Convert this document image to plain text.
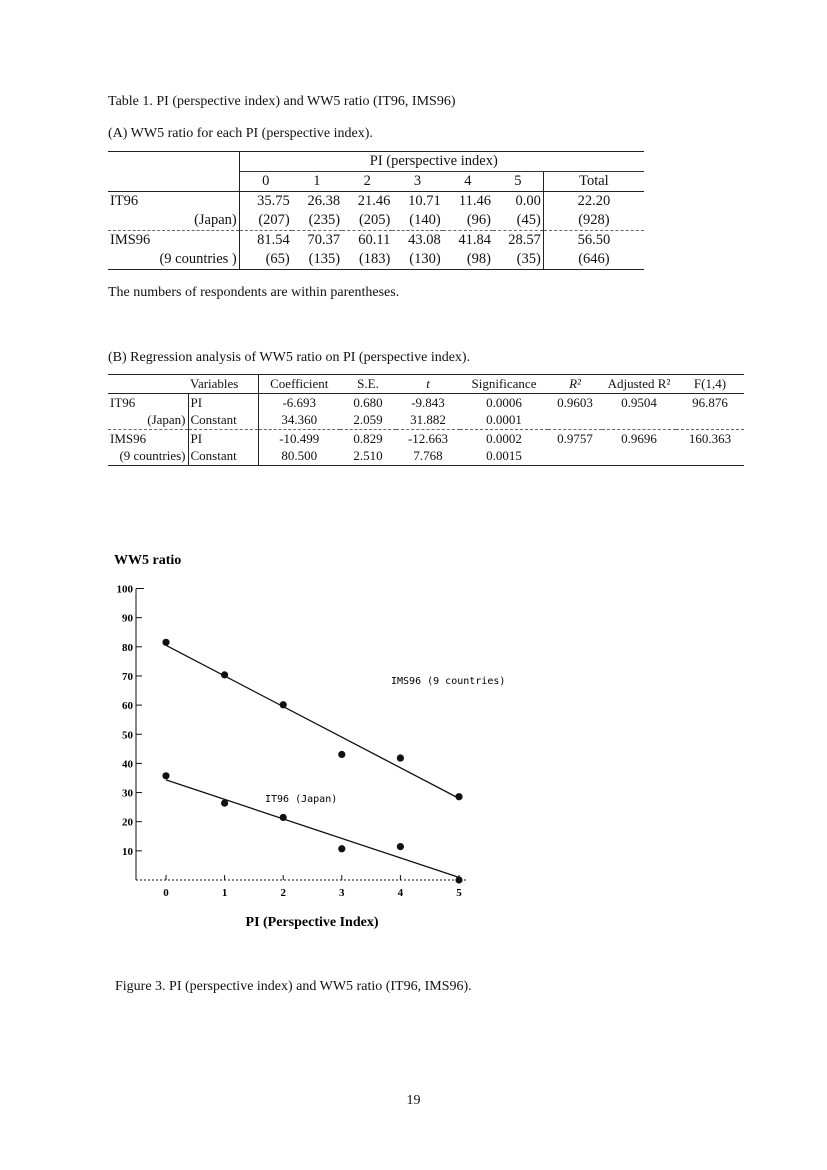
Table 1. PI (perspective index) and WW5 ratio (IT96, IMS96)
(A) WW5 ratio for each PI (perspective index).
	PI (perspective index)						
	0	1	2	3	4	5	Total
IT96	35.75	26.38	21.46	10.71	11.46	0.00	22.20
(Japan)	(207)	(235)	(205)	(140)	(96)	(45)	(928)
IMS96	81.54	70.37	60.11	43.08	41.84	28.57	56.50
(9 countries )	(65)	(135)	(183)	(130)	(98)	(35)	(646)
The numbers of respondents are within parentheses.
(B) Regression analysis of WW5 ratio on PI (perspective index).
	Variables	Coefficient	S.E.	t	Significance	R²	Adjusted R²	F(1,4)
IT96	PI	-6.693	0.680	-9.843	0.0006	0.9603	0.9504	96.876
(Japan)	Constant	34.360	2.059	31.882	0.0001			
IMS96	PI	-10.499	0.829	-12.663	0.0002	0.9757	0.9696	160.363
(9 countries)	Constant	80.500	2.510	7.768	0.0015			
WW5 ratio
10
20
30
40
50
60
70
80
90
100
0	1	2	3	4	5
IMS96 (9 countries)
IT96 (Japan)
PI (Perspective Index)
Figure 3. PI (perspective index) and WW5 ratio (IT96, IMS96).
19
